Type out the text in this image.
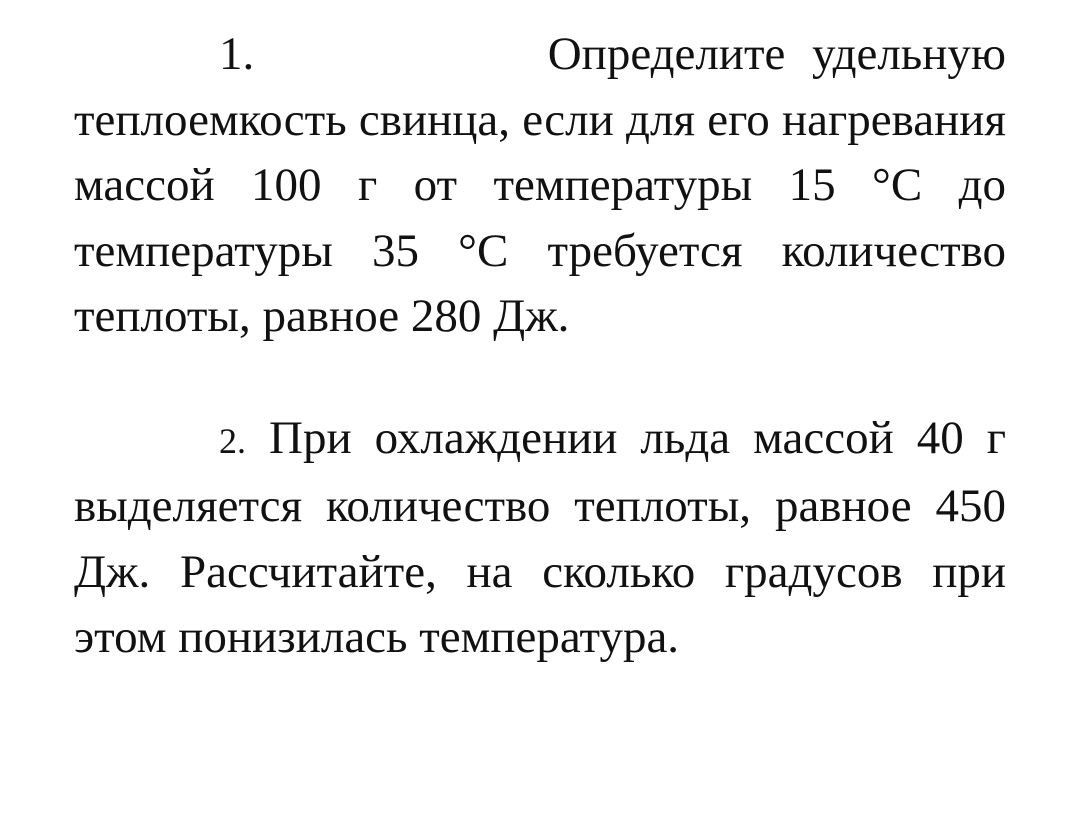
1.	Определите удельную теплоемкость свинца, если для его нагревания массой 100 г от температуры 15 °С до температуры 35 °С требуется количество теплоты, равное 280 Дж.

2. При охлаждении льда массой 40 г выделяется количество теплоты, равное 450 Дж. Рассчитайте, на сколько градусов при этом понизилась температура.
